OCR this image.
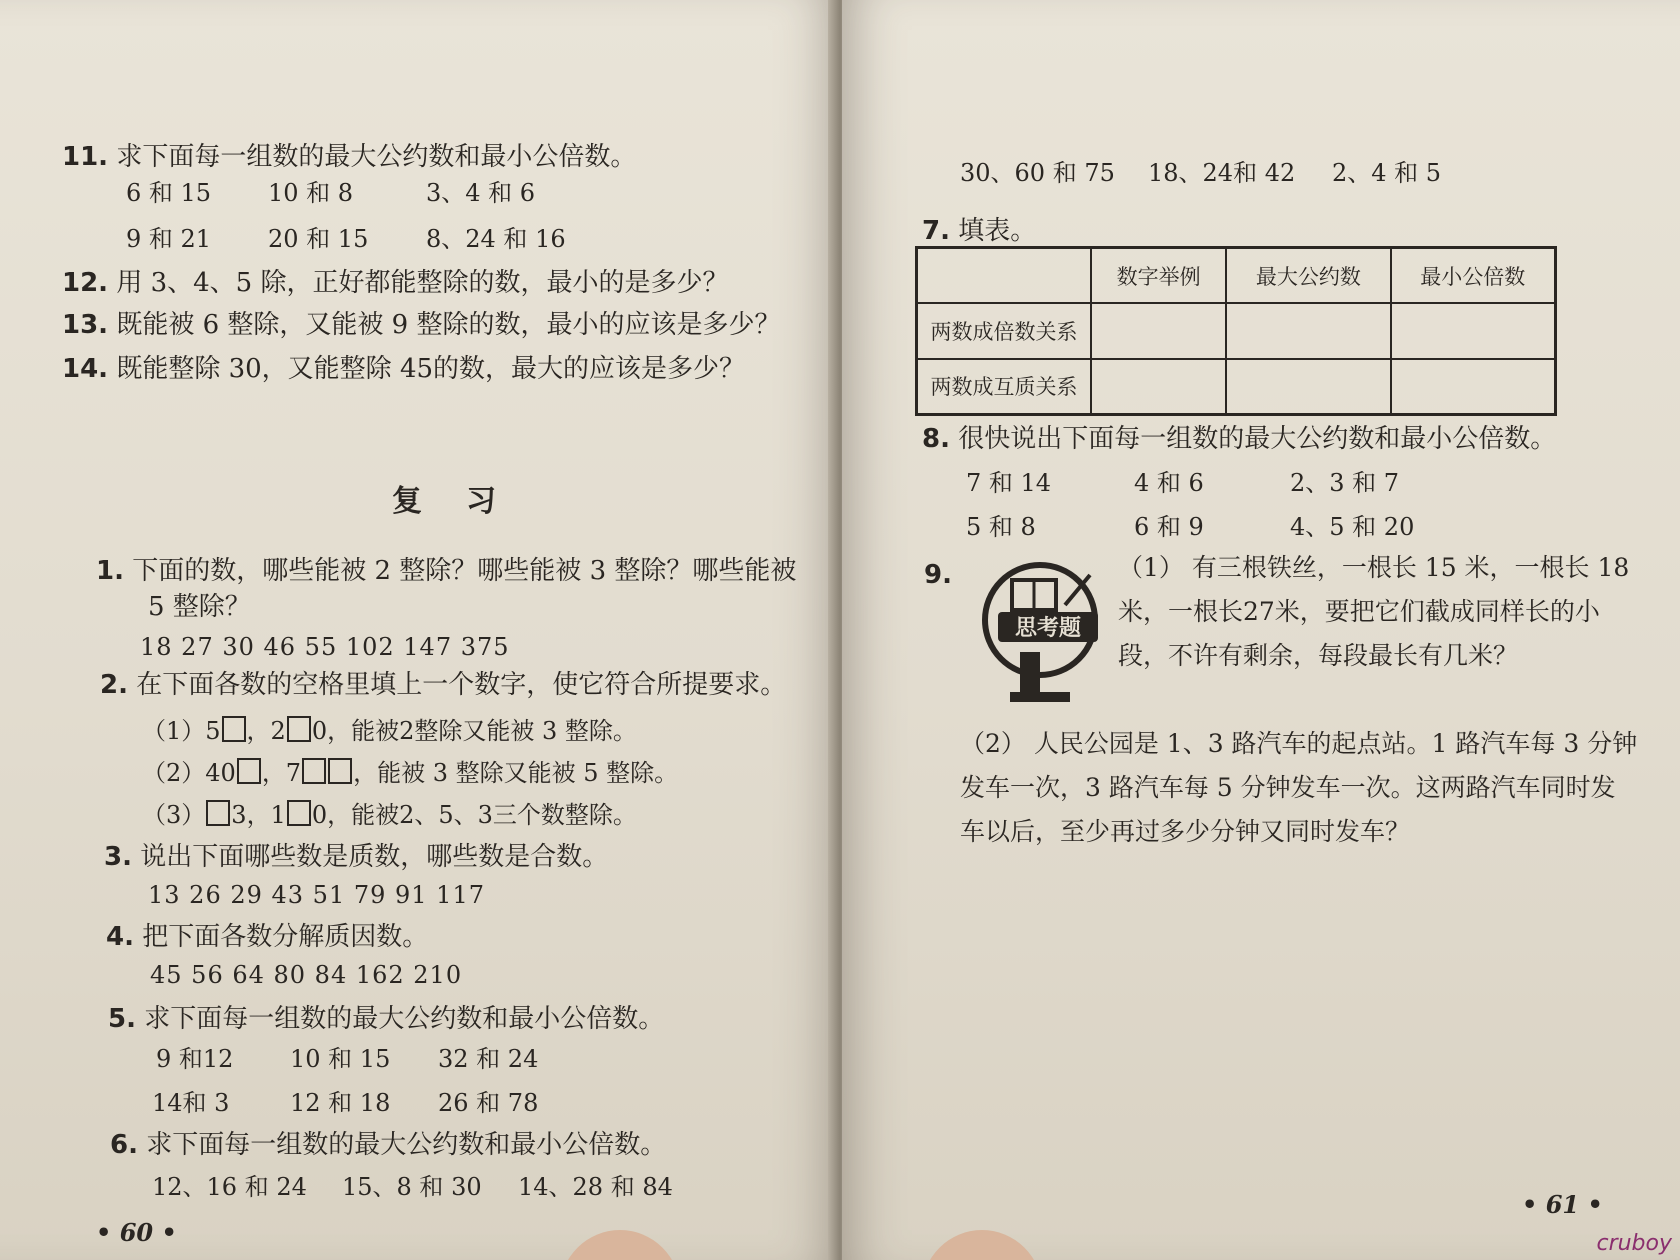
11. 求下面每一组数的最大公约数和最小公倍数。
6 和 15 10 和 8	3、4 和 6
9 和 21 20 和 15 8、24 和 16
12. 用 3、4、5 除，正好都能整除的数，最小的是多少？
13. 既能被 6 整除，又能被 9 整除的数，最小的应该是多少？
14. 既能整除 30，又能整除 45的数，最大的应该是多少？
复习
1. 下面的数，哪些能被 2 整除？哪些能被 3 整除？哪些能被
5 整除？
18 27 30 46 55 102 147 375
2. 在下面各数的空格里填上一个数字，使它符合所提要求。
（1）5 ，2 0，能被2整除又能被 3 整除。
（2）40 ，7 ，能被 3 整除又能被 5 整除。
（3） 3，1 0，能被2、5、3三个数整除。
3. 说出下面哪些数是质数，哪些数是合数。
13 26 29 43 51 79 91 117
4. 把下面各数分解质因数。
45 56 64 80 84 162 210
5. 求下面每一组数的最大公约数和最小公倍数。
9 和12 10 和 15 32 和 24
14和 3	12 和 18 26 和 78
6. 求下面每一组数的最大公约数和最小公倍数。
12、16 和 24 15、8 和 30 14、28 和 84
• 60 •
30、60 和 75 18、24和 42 2、4 和 5
7. 填表。
8. 很快说出下面每一组数的最大公约数和最小公倍数。
7 和 14	4 和 6	2、3 和 7
5 和 8	6 和 9	4、5 和 20
9.	（1） 有三根铁丝，一根长 15 米，一根长 18 米，一根长27米，要把它们截成同样长的小段，不许有剩余，每段最长有几米？
（2） 人民公园是 1、3 路汽车的起点站。1 路汽车每 3 分钟发车一次，3 路汽车每 5 分钟发车一次。这两路汽车同时发车以后，至少再过多少分钟又同时发车？
• 61 •
	数字举例	最大公约数	最小公倍数
两数成倍数关系			
两数成互质关系			
思考题
cruboy
